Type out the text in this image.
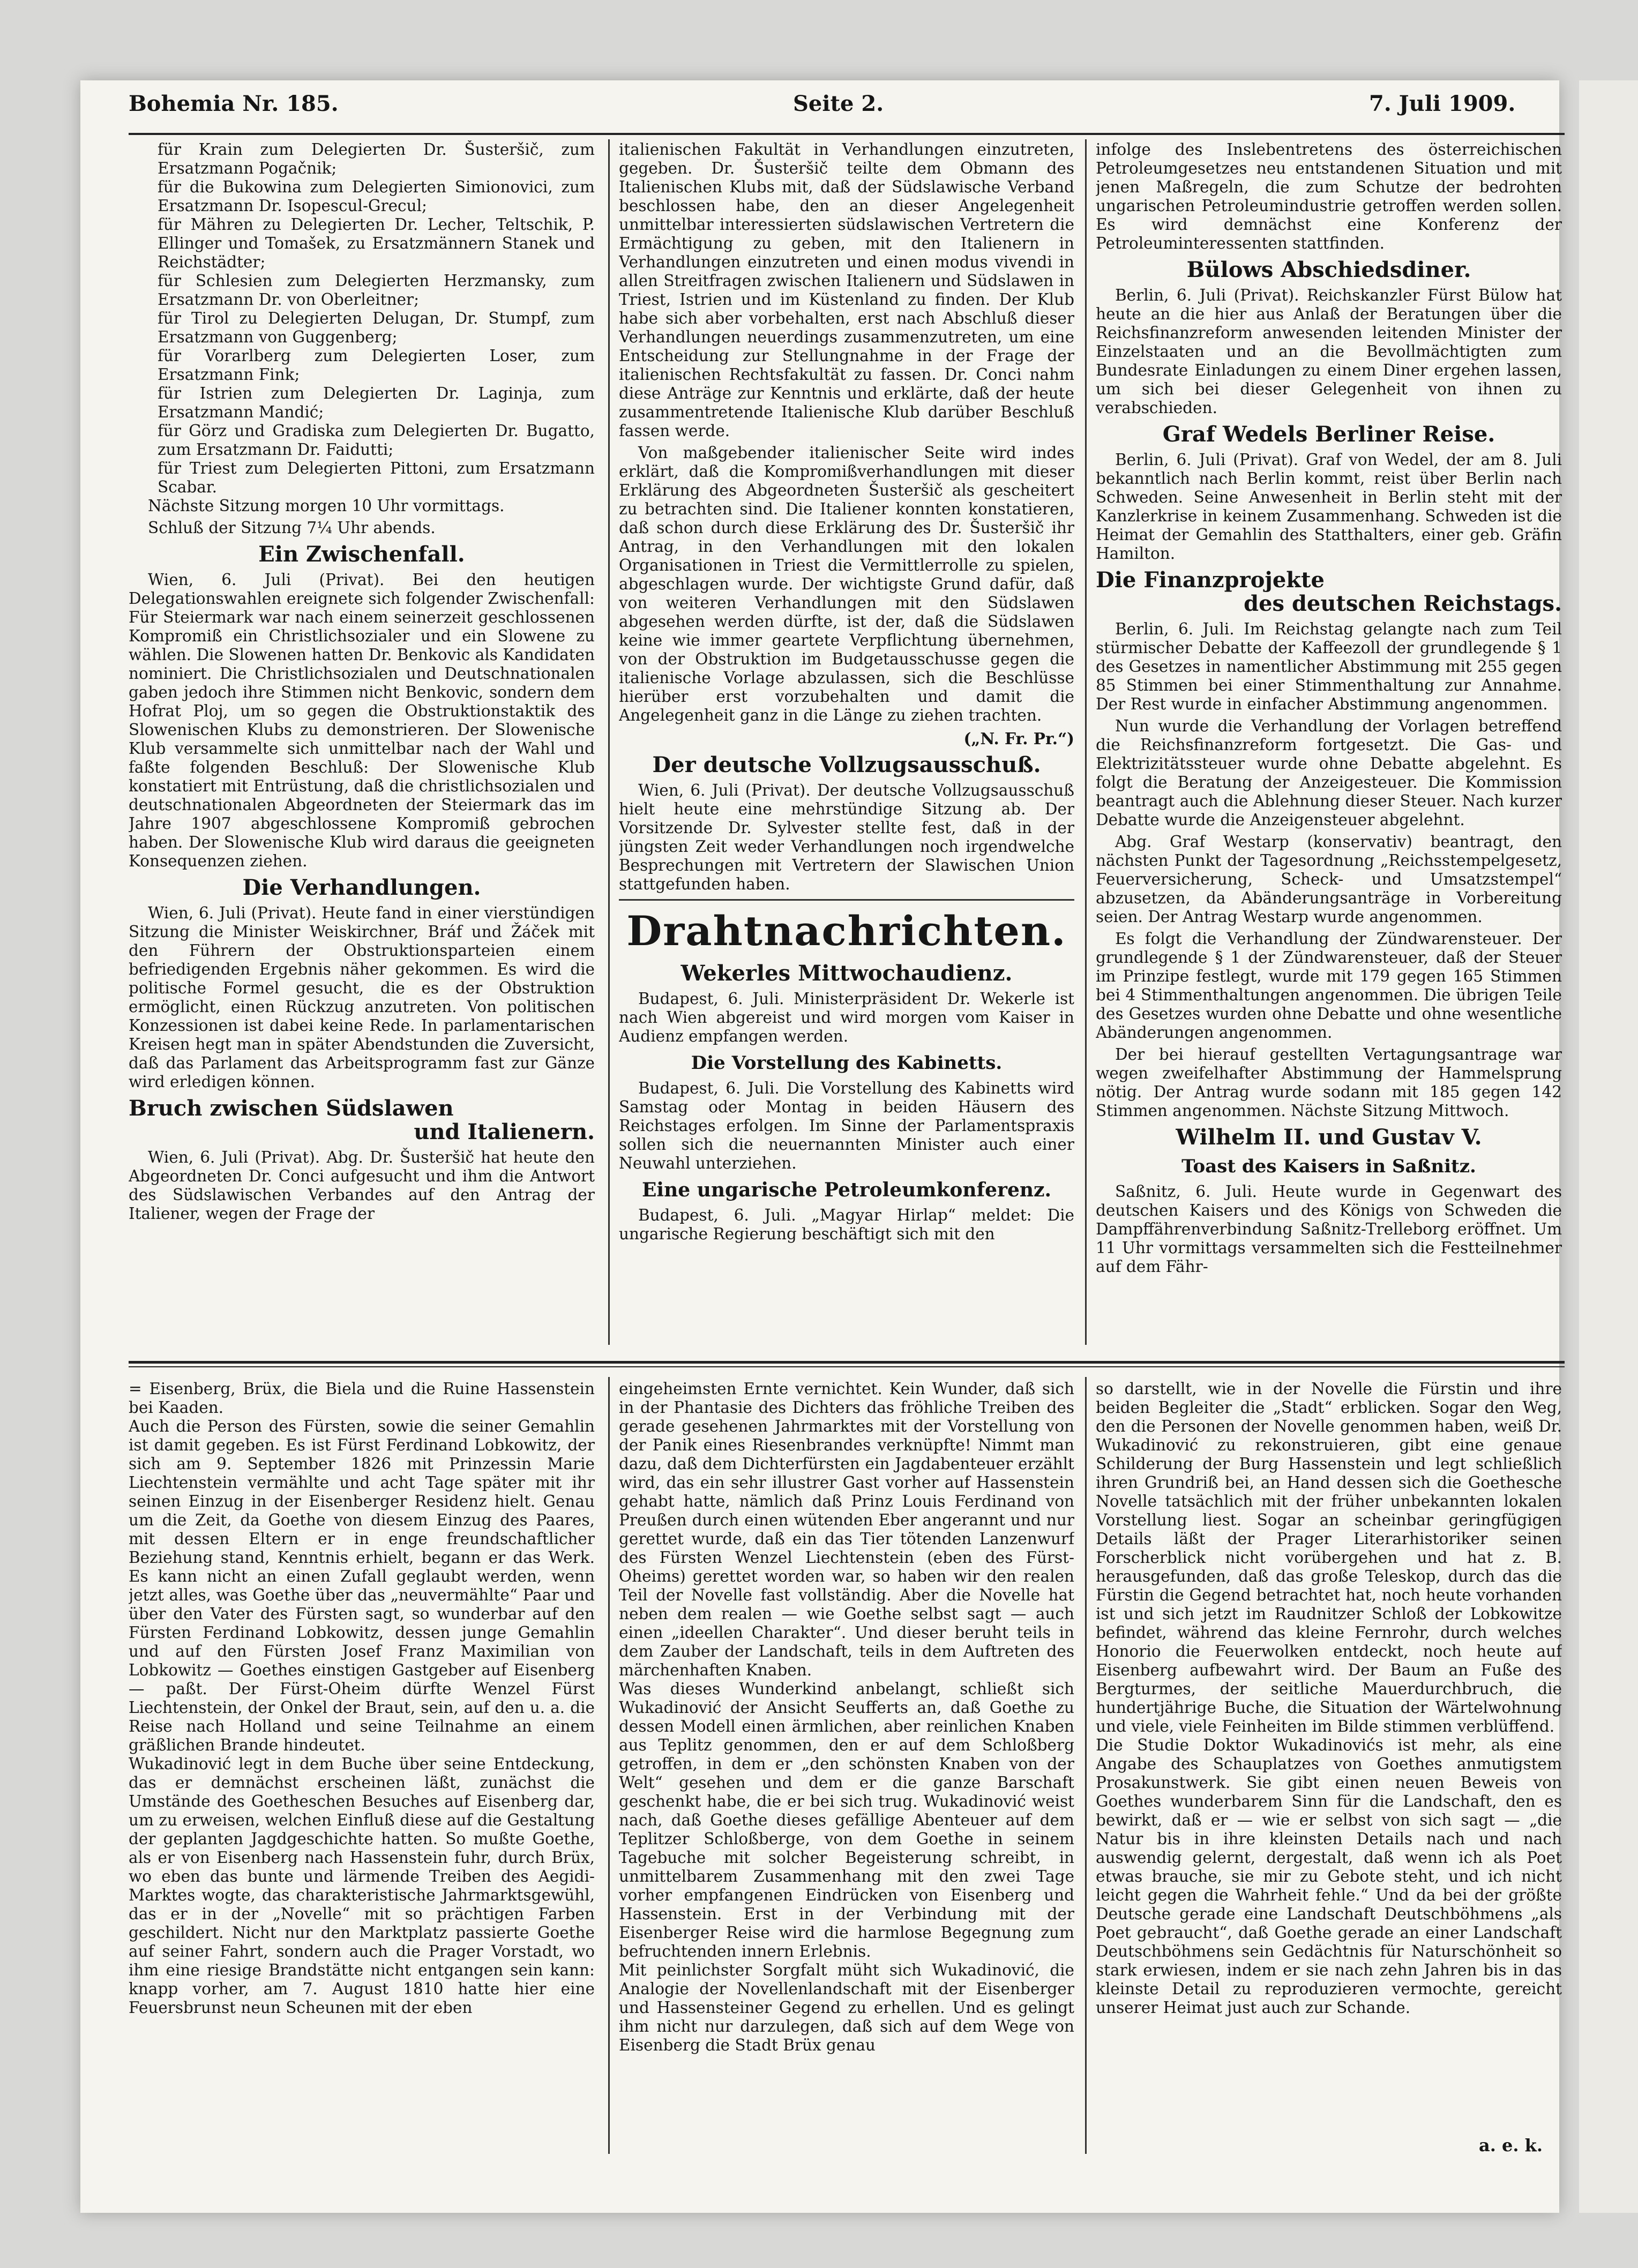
Bohemia Nr. 185.	Seite 2.	7. Juli 1909.

für Krain zum Delegierten Dr. Šusteršič, zum Ersatzmann Pogačnik;

für die Bukowina zum Delegierten Simionovici, zum Ersatzmann Dr. Isopescul-Grecul;

für Mähren zu Delegierten Dr. Lecher, Teltschik, P. Ellinger und Tomašek, zu Ersatzmännern Stanek und Reichstädter;

für Schlesien zum Delegierten Herzmansky, zum Ersatzmann Dr. von Oberleitner;

für Tirol zu Delegierten Delugan, Dr. Stumpf, zum Ersatzmann von Guggenberg;

für Vorarlberg zum Delegierten Loser, zum Ersatzmann Fink;

für Istrien zum Delegierten Dr. Laginja, zum Ersatzmann Mandić;

für Görz und Gradiska zum Delegierten Dr. Bugatto, zum Ersatzmann Dr. Faidutti;

für Triest zum Delegierten Pittoni, zum Ersatzmann Scabar.

Nächste Sitzung morgen 10 Uhr vormittags.

Schluß der Sitzung 7¼ Uhr abends.

Ein Zwischenfall.

Wien, 6. Juli (Privat). Bei den heutigen Delegationswahlen ereignete sich folgender Zwischenfall: Für Steiermark war nach einem seinerzeit geschlossenen Kompromiß ein Christlichsozialer und ein Slowene zu wählen. Die Slowenen hatten Dr. Benkovic als Kandidaten nominiert. Die Christlichsozialen und Deutschnationalen gaben jedoch ihre Stimmen nicht Benkovic, sondern dem Hofrat Ploj, um so gegen die Obstruktionstaktik des Slowenischen Klubs zu demonstrieren. Der Slowenische Klub versammelte sich unmittelbar nach der Wahl und faßte folgenden Beschluß: Der Slowenische Klub konstatiert mit Entrüstung, daß die christlichsozialen und deutschnationalen Abgeordneten der Steiermark das im Jahre 1907 abgeschlossene Kompromiß gebrochen haben. Der Slowenische Klub wird daraus die geeigneten Konsequenzen ziehen.

Die Verhandlungen.

Wien, 6. Juli (Privat). Heute fand in einer vierstündigen Sitzung die Minister Weiskirchner, Bráf und Žáček mit den Führern der Obstruktionsparteien einem befriedigenden Ergebnis näher gekommen. Es wird die politische Formel gesucht, die es der Obstruktion ermöglicht, einen Rückzug anzutreten. Von politischen Konzessionen ist dabei keine Rede. In parlamentarischen Kreisen hegt man in später Abendstunden die Zuversicht, daß das Parlament das Arbeitsprogramm fast zur Gänze wird erledigen können.

Bruch zwischen Südslawen
und Italienern.

Wien, 6. Juli (Privat). Abg. Dr. Šusteršič hat heute den Abgeordneten Dr. Conci aufgesucht und ihm die Antwort des Südslawischen Verbandes auf den Antrag der Italiener, wegen der Frage der

italienischen Fakultät in Verhandlungen einzutreten, gegeben. Dr. Šusteršič teilte dem Obmann des Italienischen Klubs mit, daß der Südslawische Verband beschlossen habe, den an dieser Angelegenheit unmittelbar interessierten südslawischen Vertretern die Ermächtigung zu geben, mit den Italienern in Verhandlungen einzutreten und einen modus vivendi in allen Streitfragen zwischen Italienern und Südslawen in Triest, Istrien und im Küstenland zu finden. Der Klub habe sich aber vorbehalten, erst nach Abschluß dieser Verhandlungen neuerdings zusammenzutreten, um eine Entscheidung zur Stellungnahme in der Frage der italienischen Rechtsfakultät zu fassen. Dr. Conci nahm diese Anträge zur Kenntnis und erklärte, daß der heute zusammentretende Italienische Klub darüber Beschluß fassen werde.

Von maßgebender italienischer Seite wird indes erklärt, daß die Kompromißverhandlungen mit dieser Erklärung des Abgeordneten Šusteršič als gescheitert zu betrachten sind. Die Italiener konnten konstatieren, daß schon durch diese Erklärung des Dr. Šusteršič ihr Antrag, in den Verhandlungen mit den lokalen Organisationen in Triest die Vermittlerrolle zu spielen, abgeschlagen wurde. Der wichtigste Grund dafür, daß von weiteren Verhandlungen mit den Südslawen abgesehen werden dürfte, ist der, daß die Südslawen keine wie immer geartete Verpflichtung übernehmen, von der Obstruktion im Budgetausschusse gegen die italienische Vorlage abzulassen, sich die Beschlüsse hierüber erst vorzubehalten und damit die Angelegenheit ganz in die Länge zu ziehen trachten.

(„N. Fr. Pr.“)
Der deutsche Vollzugsausschuß.

Wien, 6. Juli (Privat). Der deutsche Vollzugsausschuß hielt heute eine mehrstündige Sitzung ab. Der Vorsitzende Dr. Sylvester stellte fest, daß in der jüngsten Zeit weder Verhandlungen noch irgendwelche Besprechungen mit Vertretern der Slawischen Union stattgefunden haben.

Drahtnachrichten.
Wekerles Mittwochaudienz.

Budapest, 6. Juli. Ministerpräsident Dr. Wekerle ist nach Wien abgereist und wird morgen vom Kaiser in Audienz empfangen werden.

Die Vorstellung des Kabinetts.

Budapest, 6. Juli. Die Vorstellung des Kabinetts wird Samstag oder Montag in beiden Häusern des Reichstages erfolgen. Im Sinne der Parlamentspraxis sollen sich die neuernannten Minister auch einer Neuwahl unterziehen.

Eine ungarische Petroleumkonferenz.

Budapest, 6. Juli. „Magyar Hirlap“ meldet: Die ungarische Regierung beschäftigt sich mit den

infolge des Inslebentretens des österreichischen Petroleumgesetzes neu entstandenen Situation und mit jenen Maßregeln, die zum Schutze der bedrohten ungarischen Petroleumindustrie getroffen werden sollen. Es wird demnächst eine Konferenz der Petroleuminteressenten stattfinden.

Bülows Abschiedsdiner.

Berlin, 6. Juli (Privat). Reichskanzler Fürst Bülow hat heute an die hier aus Anlaß der Beratungen über die Reichsfinanzreform anwesenden leitenden Minister der Einzelstaaten und an die Bevollmächtigten zum Bundesrate Einladungen zu einem Diner ergehen lassen, um sich bei dieser Gelegenheit von ihnen zu verabschieden.

Graf Wedels Berliner Reise.

Berlin, 6. Juli (Privat). Graf von Wedel, der am 8. Juli bekanntlich nach Berlin kommt, reist über Berlin nach Schweden. Seine Anwesenheit in Berlin steht mit der Kanzlerkrise in keinem Zusammenhang. Schweden ist die Heimat der Gemahlin des Statthalters, einer geb. Gräfin Hamilton.

Die Finanzprojekte
des deutschen Reichstags.

Berlin, 6. Juli. Im Reichstag gelangte nach zum Teil stürmischer Debatte der Kaffeezoll der grundlegende § 1 des Gesetzes in namentlicher Abstimmung mit 255 gegen 85 Stimmen bei einer Stimmenthaltung zur Annahme. Der Rest wurde in einfacher Abstimmung angenommen.

Nun wurde die Verhandlung der Vorlagen betreffend die Reichsfinanzreform fortgesetzt. Die Gas- und Elektrizitätssteuer wurde ohne Debatte abgelehnt. Es folgt die Beratung der Anzeigesteuer. Die Kommission beantragt auch die Ablehnung dieser Steuer. Nach kurzer Debatte wurde die Anzeigensteuer abgelehnt.

Abg. Graf Westarp (konservativ) beantragt, den nächsten Punkt der Tagesordnung „Reichsstempelgesetz, Feuerversicherung, Scheck- und Umsatzstempel“ abzusetzen, da Abänderungsanträge in Vorbereitung seien. Der Antrag Westarp wurde angenommen.

Es folgt die Verhandlung der Zündwarensteuer. Der grundlegende § 1 der Zündwarensteuer, daß der Steuer im Prinzipe festlegt, wurde mit 179 gegen 165 Stimmen bei 4 Stimmenthaltungen angenommen. Die übrigen Teile des Gesetzes wurden ohne Debatte und ohne wesentliche Abänderungen angenommen.

Der bei hierauf gestellten Vertagungsantrage war wegen zweifelhafter Abstimmung der Hammelsprung nötig. Der Antrag wurde sodann mit 185 gegen 142 Stimmen angenommen. Nächste Sitzung Mittwoch.

Wilhelm II. und Gustav V.
Toast des Kaisers in Saßnitz.

Saßnitz, 6. Juli. Heute wurde in Gegenwart des deutschen Kaisers und des Königs von Schweden die Dampffährenverbindung Saßnitz-Trelleborg eröffnet. Um 11 Uhr vormittags versammelten sich die Festteilnehmer auf dem Fähr-

= Eisenberg, Brüx, die Biela und die Ruine Hassenstein bei Kaaden.
Auch die Person des Fürsten, sowie die seiner Gemahlin ist damit gegeben. Es ist Fürst Ferdinand Lobkowitz, der sich am 9. September 1826 mit Prinzessin Marie Liechtenstein vermählte und acht Tage später mit ihr seinen Einzug in der Eisenberger Residenz hielt. Genau um die Zeit, da Goethe von diesem Einzug des Paares, mit dessen Eltern er in enge freundschaftlicher Beziehung stand, Kenntnis erhielt, begann er das Werk. Es kann nicht an einen Zufall geglaubt werden, wenn jetzt alles, was Goethe über das „neuvermählte“ Paar und über den Vater des Fürsten sagt, so wunderbar auf den Fürsten Ferdinand Lobkowitz, dessen junge Gemahlin und auf den Fürsten Josef Franz Maximilian von Lobkowitz — Goethes einstigen Gastgeber auf Eisenberg — paßt. Der Fürst-Oheim dürfte Wenzel Fürst Liechtenstein, der Onkel der Braut, sein, auf den u. a. die Reise nach Holland und seine Teilnahme an einem gräßlichen Brande hindeutet.
Wukadinović legt in dem Buche über seine Entdeckung, das er demnächst erscheinen läßt, zunächst die Umstände des Goetheschen Besuches auf Eisenberg dar, um zu erweisen, welchen Einfluß diese auf die Gestaltung der geplanten Jagdgeschichte hatten. So mußte Goethe, als er von Eisenberg nach Hassenstein fuhr, durch Brüx, wo eben das bunte und lärmende Treiben des Aegidi-Marktes wogte, das charakteristische Jahrmarktsgewühl, das er in der „Novelle“ mit so prächtigen Farben geschildert. Nicht nur den Marktplatz passierte Goethe auf seiner Fahrt, sondern auch die Prager Vorstadt, wo ihm eine riesige Brandstätte nicht entgangen sein kann: knapp vorher, am 7. August 1810 hatte hier eine Feuersbrunst neun Scheunen mit der eben
eingeheimsten Ernte vernichtet. Kein Wunder, daß sich in der Phantasie des Dichters das fröhliche Treiben des gerade gesehenen Jahrmarktes mit der Vorstellung von der Panik eines Riesenbrandes verknüpfte! Nimmt man dazu, daß dem Dichterfürsten ein Jagdabenteuer erzählt wird, das ein sehr illustrer Gast vorher auf Hassenstein gehabt hatte, nämlich daß Prinz Louis Ferdinand von Preußen durch einen wütenden Eber angerannt und nur gerettet wurde, daß ein das Tier tötenden Lanzenwurf des Fürsten Wenzel Liechtenstein (eben des Fürst-Oheims) gerettet worden war, so haben wir den realen Teil der Novelle fast vollständig. Aber die Novelle hat neben dem realen — wie Goethe selbst sagt — auch einen „ideellen Charakter“. Und dieser beruht teils in dem Zauber der Landschaft, teils in dem Auftreten des märchenhaften Knaben.
Was dieses Wunderkind anbelangt, schließt sich Wukadinović der Ansicht Seufferts an, daß Goethe zu dessen Modell einen ärmlichen, aber reinlichen Knaben aus Teplitz genommen, den er auf dem Schloßberg getroffen, in dem er „den schönsten Knaben von der Welt“ gesehen und dem er die ganze Barschaft geschenkt habe, die er bei sich trug. Wukadinović weist nach, daß Goethe dieses gefällige Abenteuer auf dem Teplitzer Schloßberge, von dem Goethe in seinem Tagebuche mit solcher Begeisterung schreibt, in unmittelbarem Zusammenhang mit den zwei Tage vorher empfangenen Eindrücken von Eisenberg und Hassenstein. Erst in der Verbindung mit der Eisenberger Reise wird die harmlose Begegnung zum befruchtenden innern Erlebnis.
Mit peinlichster Sorgfalt müht sich Wukadinović, die Analogie der Novellenlandschaft mit der Eisenberger und Hassensteiner Gegend zu erhellen. Und es gelingt ihm nicht nur darzulegen, daß sich auf dem Wege von Eisenberg die Stadt Brüx genau
so darstellt, wie in der Novelle die Fürstin und ihre beiden Begleiter die „Stadt“ erblicken. Sogar den Weg, den die Personen der Novelle genommen haben, weiß Dr. Wukadinović zu rekonstruieren, gibt eine genaue Schilderung der Burg Hassenstein und legt schließlich ihren Grundriß bei, an Hand dessen sich die Goethesche Novelle tatsächlich mit der früher unbekannten lokalen Vorstellung liest. Sogar an scheinbar geringfügigen Details läßt der Prager Literarhistoriker seinen Forscherblick nicht vorübergehen und hat z. B. herausgefunden, daß das große Teleskop, durch das die Fürstin die Gegend betrachtet hat, noch heute vorhanden ist und sich jetzt im Raudnitzer Schloß der Lobkowitze befindet, während das kleine Fernrohr, durch welches Honorio die Feuerwolken entdeckt, noch heute auf Eisenberg aufbewahrt wird. Der Baum an Fuße des Bergturmes, der seitliche Mauerdurchbruch, die hundertjährige Buche, die Situation der Wärtelwohnung und viele, viele Feinheiten im Bilde stimmen verblüffend.
Die Studie Doktor Wukadinovićs ist mehr, als eine Angabe des Schauplatzes von Goethes anmutigstem Prosakunstwerk. Sie gibt einen neuen Beweis von Goethes wunderbarem Sinn für die Landschaft, den es bewirkt, daß er — wie er selbst von sich sagt — „die Natur bis in ihre kleinsten Details nach und nach auswendig gelernt, dergestalt, daß wenn ich als Poet etwas brauche, sie mir zu Gebote steht, und ich nicht leicht gegen die Wahrheit fehle.“ Und da bei der größte Deutsche gerade eine Landschaft Deutschböhmens „als Poet gebraucht“, daß Goethe gerade an einer Landschaft Deutschböhmens sein Gedächtnis für Naturschönheit so stark erwiesen, indem er sie nach zehn Jahren bis in das kleinste Detail zu reproduzieren vermochte, gereicht unserer Heimat just auch zur Schande.
a. e. k.
